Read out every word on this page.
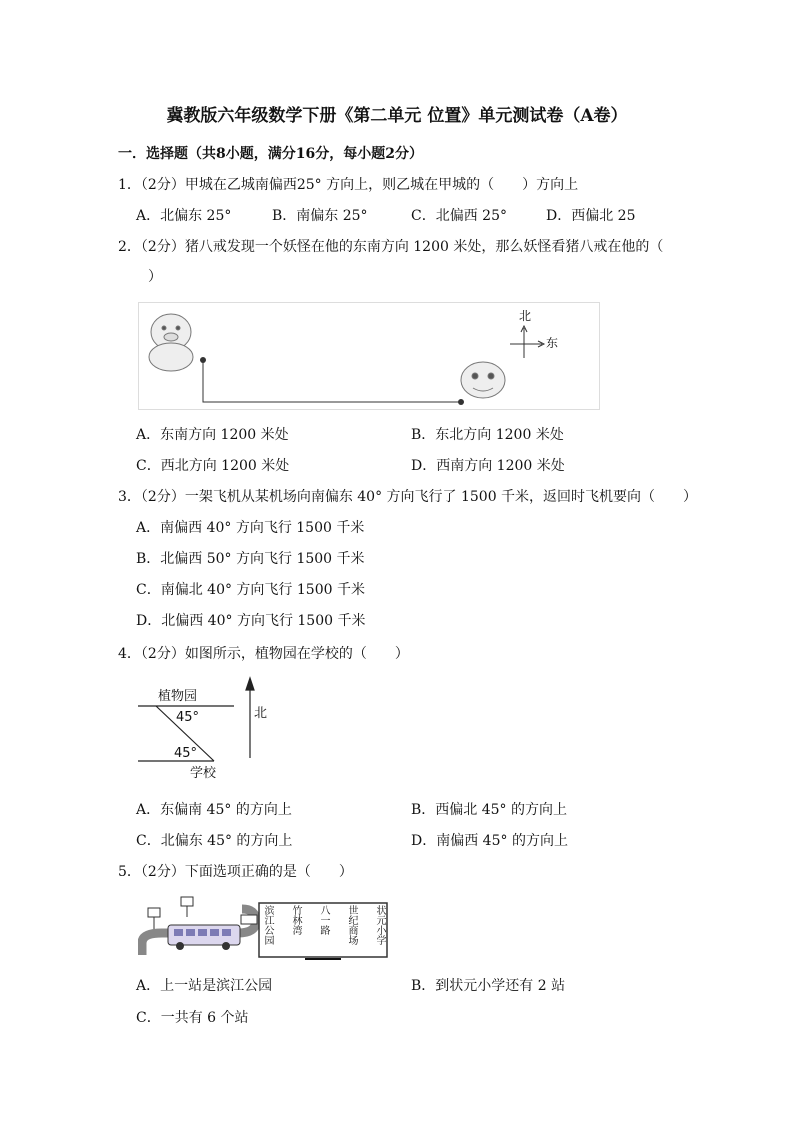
冀教版六年级数学下册《第二单元 位置》单元测试卷（A卷）
一．选择题（共8小题，满分16分，每小题2分）
1．（2分）甲城在乙城南偏西25° 方向上，则乙城在甲城的（　　）方向上
A．北偏东 25°	B．南偏东 25°	C．北偏西 25°	D．西偏北 25
2．（2分）猪八戒发现一个妖怪在他的东南方向 1200 米处，那么妖怪看猪八戒在他的（
）
北
东
A．东南方向 1200 米处	B．东北方向 1200 米处
C．西北方向 1200 米处	D．西南方向 1200 米处
3．（2分）一架飞机从某机场向南偏东 40° 方向飞行了 1500 千米，返回时飞机要向（　　）
A．南偏西 40° 方向飞行 1500 千米
B．北偏西 50° 方向飞行 1500 千米
C．南偏北 40° 方向飞行 1500 千米
D．北偏西 40° 方向飞行 1500 千米
4．（2分）如图所示，植物园在学校的（　　）
植物园
45°	北
45°
学校
A．东偏南 45° 的方向上	B．西偏北 45° 的方向上
C．北偏东 45° 的方向上	D．南偏西 45° 的方向上
5．（2分）下面选项正确的是（　　）
滨江公园 竹林湾 八一路 世纪商场 状元小学
A．上一站是滨江公园	B．到状元小学还有 2 站
C．一共有 6 个站
